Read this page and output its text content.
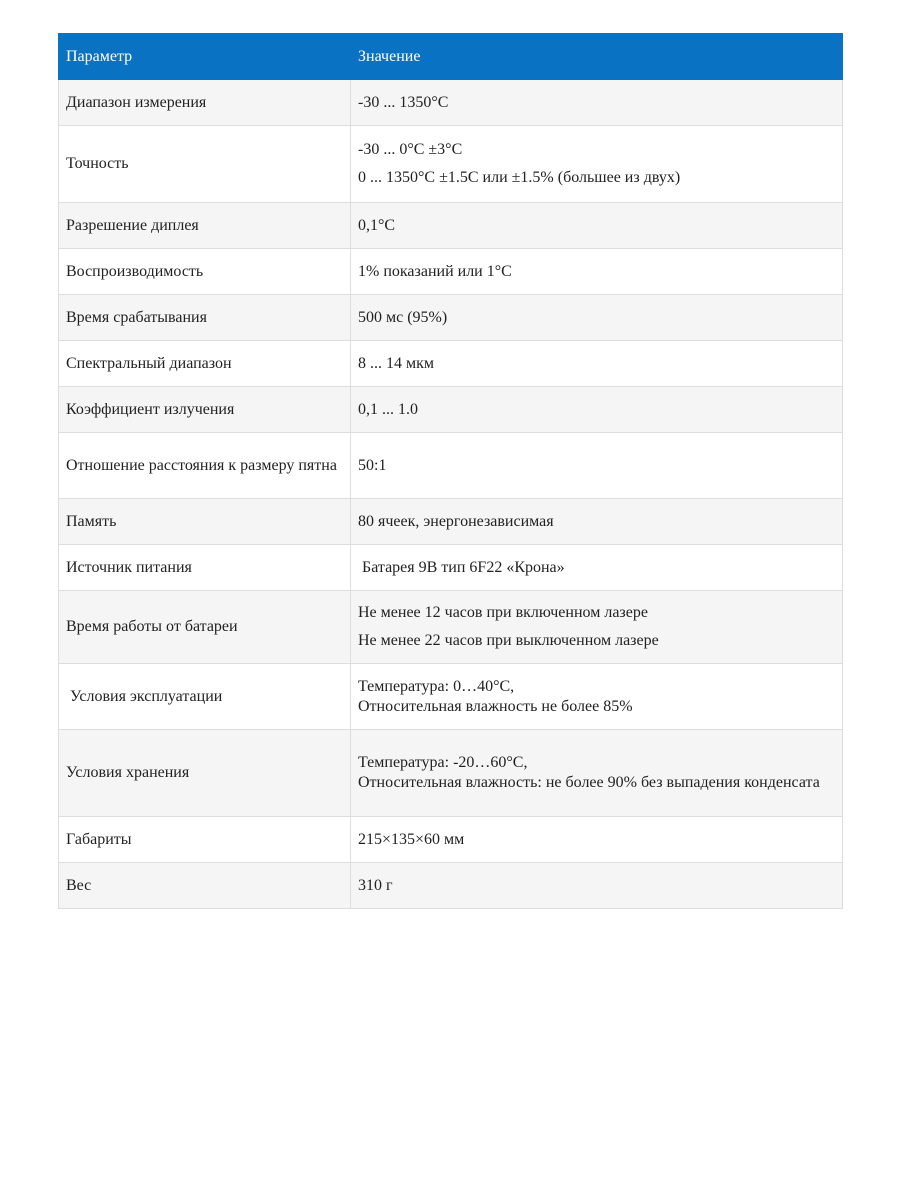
Параметр	Значение
Диапазон измерения	-30 ... 1350°C

Точность	-30 ... 0°C ±3°C
0 ... 1350°C ±1.5C или ±1.5% (большее из двух)

Разрешение диплея	0,1°C

Воспроизводимость	1% показаний или 1°C

Время срабатывания	500 мс (95%)

Спектральный диапазон	8 ... 14 мкм

Коэффициент излучения	0,1 ... 1.0

Отношение расстояния к размеру пятна	50:1

Память	80 ячеек, энергонезависимая

Источник питания	Батарея 9В тип 6F22 «Крона»

Время работы от батареи	Не менее 12 часов при включенном лазере
Не менее 22 часов при выключенном лазере

Условия эксплуатации	Температура: 0…40°C,
Относительная влажность не более 85%

Условия хранения	Температура: -20…60°C,
Относительная влажность: не более 90% без выпадения конденсата

Габариты	215×135×60 мм

Вес	310 г
